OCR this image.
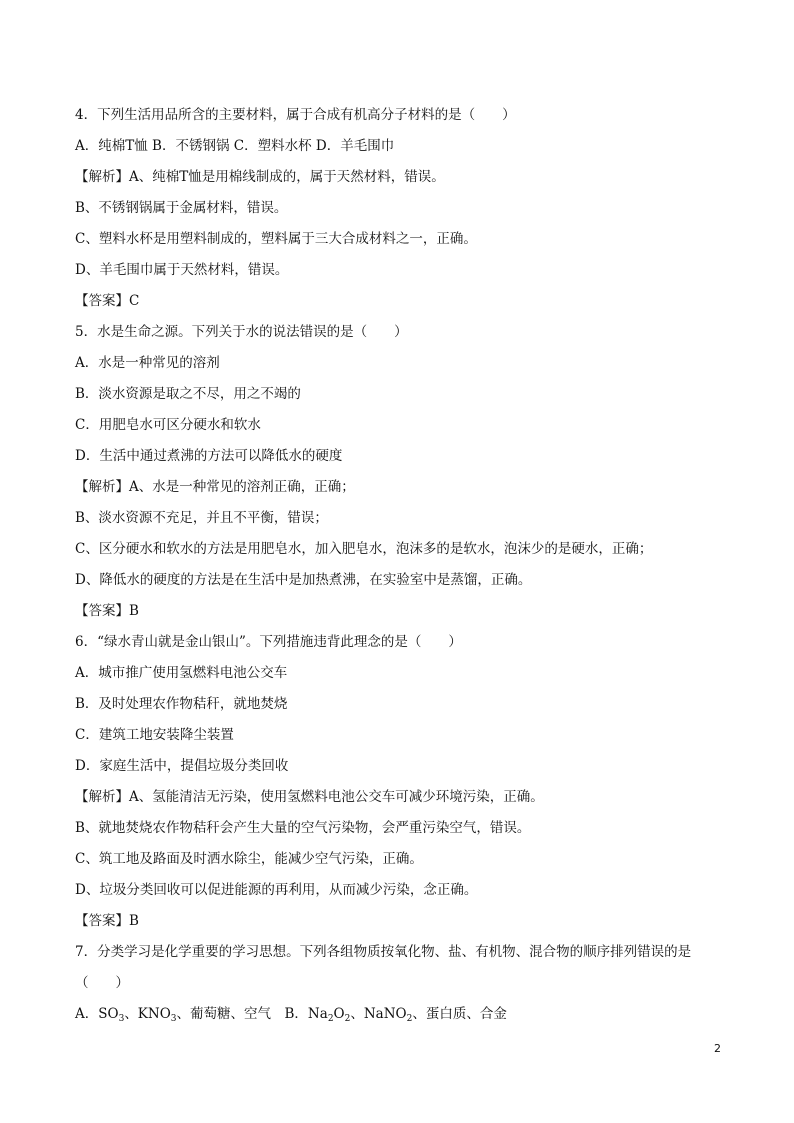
4．下列生活用品所含的主要材料，属于合成有机高分子材料的是（　　）
A．纯棉T恤 B．不锈钢锅 C．塑料水杯 D．羊毛围巾
【解析】A、纯棉T恤是用棉线制成的，属于天然材料，错误。
B、不锈钢锅属于金属材料，错误。
C、塑料水杯是用塑料制成的，塑料属于三大合成材料之一，正确。
D、羊毛围巾属于天然材料，错误。
【答案】C
5．水是生命之源。下列关于水的说法错误的是（　　）
A．水是一种常见的溶剂
B．淡水资源是取之不尽，用之不竭的
C．用肥皂水可区分硬水和软水
D．生活中通过煮沸的方法可以降低水的硬度
【解析】A、水是一种常见的溶剂正确，正确；
B、淡水资源不充足，并且不平衡，错误；
C、区分硬水和软水的方法是用肥皂水，加入肥皂水，泡沫多的是软水，泡沫少的是硬水，正确；
D、降低水的硬度的方法是在生活中是加热煮沸，在实验室中是蒸馏，正确。
【答案】B
6．“绿水青山就是金山银山”。下列措施违背此理念的是（　　）
A．城市推广使用氢燃料电池公交车
B．及时处理农作物秸秆，就地焚烧
C．建筑工地安装降尘装置
D．家庭生活中，提倡垃圾分类回收
【解析】A、氢能清洁无污染，使用氢燃料电池公交车可减少环境污染，正确。
B、就地焚烧农作物秸秆会产生大量的空气污染物，会严重污染空气，错误。
C、筑工地及路面及时洒水除尘，能减少空气污染，正确。
D、垃圾分类回收可以促进能源的再利用，从而减少污染，念正确。
【答案】B
7．分类学习是化学重要的学习思想。下列各组物质按氧化物、盐、有机物、混合物的顺序排列错误的是
（　　）
A．$SO_3$、$KNO_3$、葡萄糖、空气　B．$Na_2O_2$、NaNO$_2$、蛋白质、合金
2
